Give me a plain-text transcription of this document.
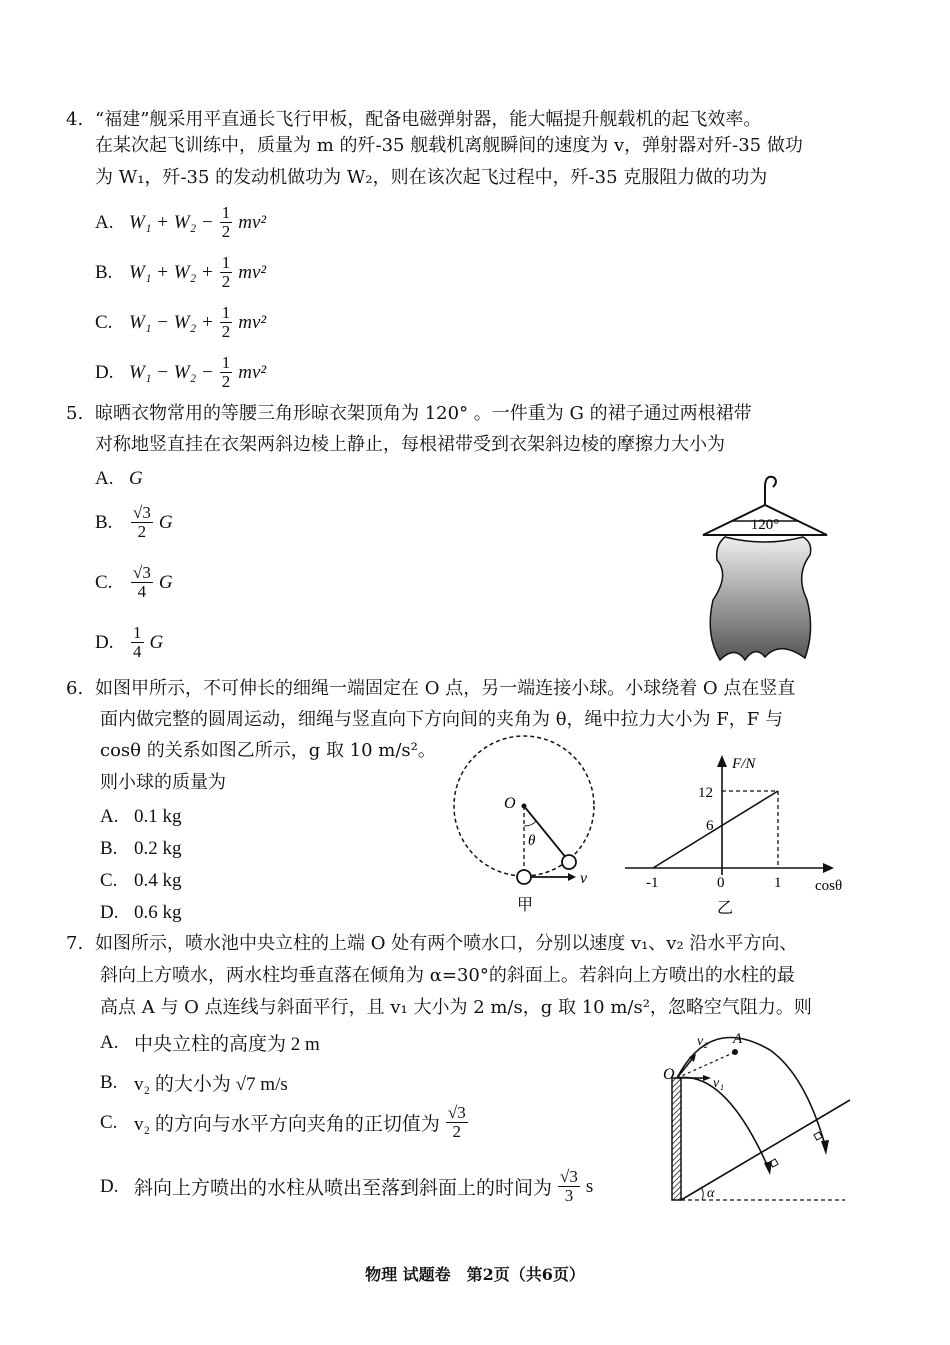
4. “福建”舰采用平直通长飞行甲板，配备电磁弹射器，能大幅提升舰载机的起飞效率。
在某次起飞训练中，质量为 m 的歼-35 舰载机离舰瞬间的速度为 v，弹射器对歼-35 做功
为 W₁，歼-35 的发动机做功为 W₂，则在该次起飞过程中，歼-35 克服阻力做的功为
A. $W_1 + W_2 - \frac{1}{2} mv^2$
B. $W_1 + W_2 + \frac{1}{2} mv^2$
C. $W_1 - W_2 + \frac{1}{2} mv^2$
D. $W_1 - W_2 - \frac{1}{2} mv^2$
5. 晾晒衣物常用的等腰三角形晾衣架顶角为 120° 。一件重为 G 的裙子通过两根裙带
对称地竖直挂在衣架两斜边棱上静止，每根裙带受到衣架斜边棱的摩擦力大小为
A. G
B.	$\frac{√3}{2}$ G
C.	$\frac{√3}{4}$ G
D.	$\frac{1}{4}$ G
120°
6. 如图甲所示，不可伸长的细绳一端固定在 O 点，另一端连接小球。小球绕着 O 点在竖直
面内做完整的圆周运动，细绳与竖直向下方向间的夹角为 θ，绳中拉力大小为 F，F 与
cosθ 的关系如图乙所示，g 取 10 m/s²。
则小球的质量为
A. 0.1 kg
B. 0.2 kg
C. 0.4 kg
D. 0.6 kg
O
θ
v
甲
F/N
12
6
-1	0	1 cosθ
乙
7. 如图所示，喷水池中央立柱的上端 O 处有两个喷水口，分别以速度 v₁、v₂ 沿水平方向、
斜向上方喷水，两水柱均垂直落在倾角为 α=30°的斜面上。若斜向上方喷出的水柱的最
高点 A 与 O 点连线与斜面平行，且 v₁ 大小为 2 m/s，g 取 10 m/s²，忽略空气阻力。则
A. 中央立柱的高度为 2 m
B. v₂ 的大小为 √7 m/s
C. v₂ 的方向与水平方向夹角的正切值为 $\frac{√3}{2}$
D. 斜向上方喷出的水柱从喷出至落到斜面上的时间为 $\frac{√3}{3}$ s
v₂ A
O
v₁
α
物理 试题卷　第2页（共6页）
